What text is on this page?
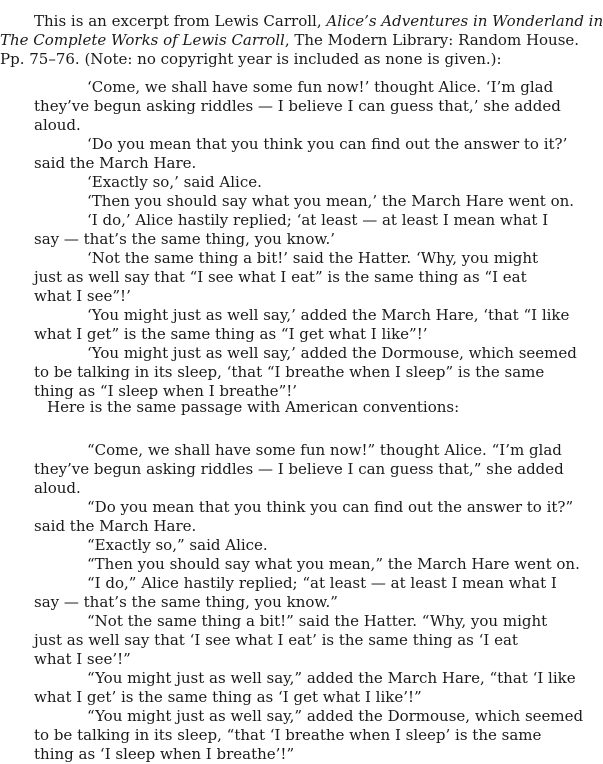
This is an excerpt from Lewis Carroll, Alice’s Adventures in Wonderland in
The Complete Works of Lewis Carroll, The Modern Library: Random House.
Pp. 75–76. (Note: no copyright year is included as none is given.):
‘Come, we shall have some fun now!’ thought Alice. ‘I’m glad
they’ve begun asking riddles — I believe I can guess that,’ she added
aloud.
‘Do you mean that you think you can find out the answer to it?’
said the March Hare.
‘Exactly so,’ said Alice.
‘Then you should say what you mean,’ the March Hare went on.
‘I do,’ Alice hastily replied; ‘at least — at least I mean what I
say — that’s the same thing, you know.’
‘Not the same thing a bit!’ said the Hatter. ‘Why, you might
just as well say that “I see what I eat” is the same thing as “I eat
what I see”!’
‘You might just as well say,’ added the March Hare, ‘that “I like
what I get” is the same thing as “I get what I like”!’
‘You might just as well say,’ added the Dormouse, which seemed
to be talking in its sleep, ‘that “I breathe when I sleep” is the same
thing as “I sleep when I breathe”!’
Here is the same passage with American conventions:
“Come, we shall have some fun now!” thought Alice. “I’m glad
they’ve begun asking riddles — I believe I can guess that,” she added
aloud.
“Do you mean that you think you can find out the answer to it?”
said the March Hare.
“Exactly so,” said Alice.
“Then you should say what you mean,” the March Hare went on.
“I do,” Alice hastily replied; “at least — at least I mean what I
say — that’s the same thing, you know.”
“Not the same thing a bit!” said the Hatter. “Why, you might
just as well say that ‘I see what I eat’ is the same thing as ‘I eat
what I see’!”
“You might just as well say,” added the March Hare, “that ‘I like
what I get’ is the same thing as ‘I get what I like’!”
“You might just as well say,” added the Dormouse, which seemed
to be talking in its sleep, “that ‘I breathe when I sleep’ is the same
thing as ‘I sleep when I breathe’!”
